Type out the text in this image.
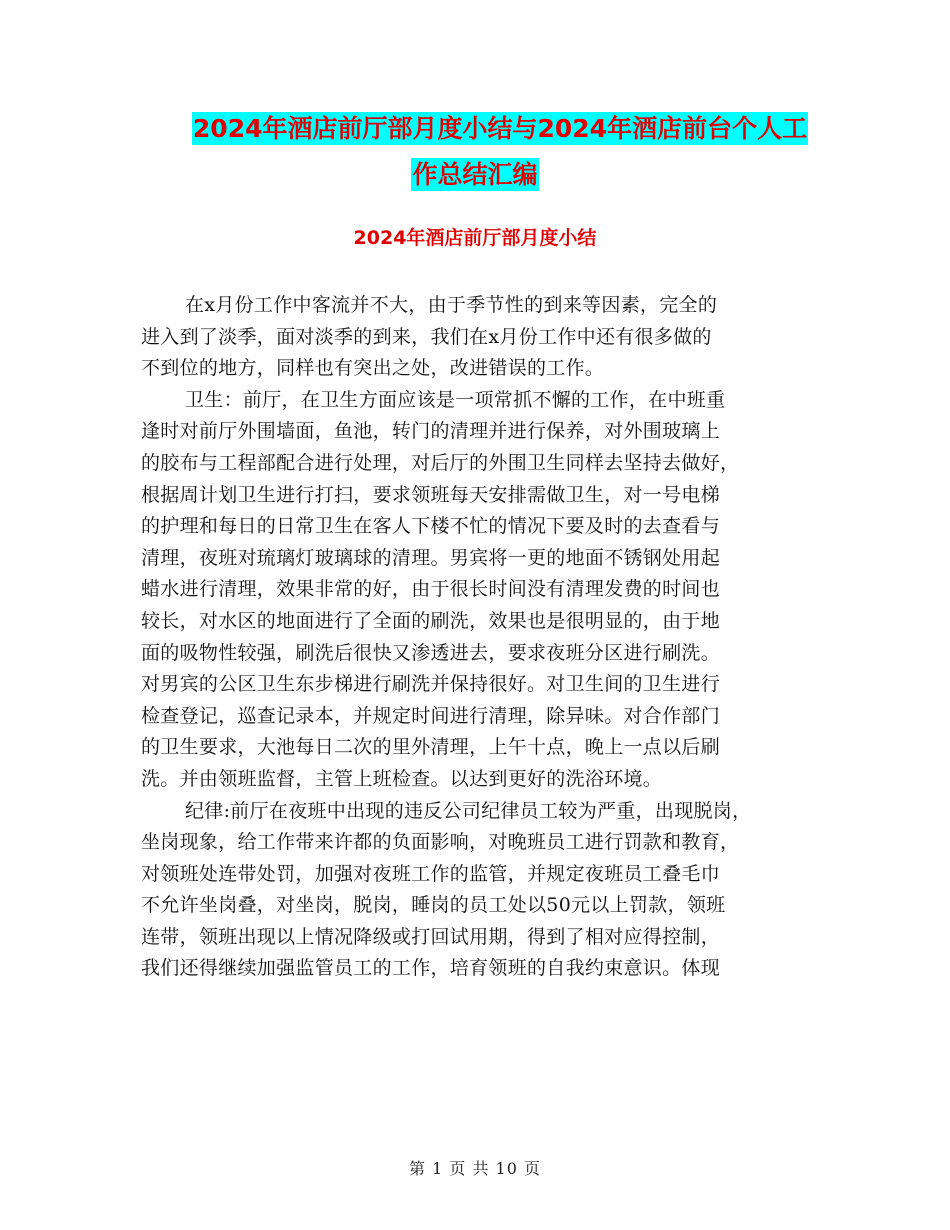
2024年酒店前厅部月度小结与2024年酒店前台个人工
作总结汇编
2024年酒店前厅部月度小结
在x月份工作中客流并不大，由于季节性的到来等因素，完全的
进入到了淡季，面对淡季的到来，我们在x月份工作中还有很多做的
不到位的地方，同样也有突出之处，改进错误的工作。
卫生：前厅，在卫生方面应该是一项常抓不懈的工作，在中班重
逢时对前厅外围墙面，鱼池，转门的清理并进行保养，对外围玻璃上
的胶布与工程部配合进行处理，对后厅的外围卫生同样去坚持去做好，
根据周计划卫生进行打扫，要求领班每天安排需做卫生，对一号电梯
的护理和每日的日常卫生在客人下楼不忙的情况下要及时的去查看与
清理，夜班对琉璃灯玻璃球的清理。男宾将一更的地面不锈钢处用起
蜡水进行清理，效果非常的好，由于很长时间没有清理发费的时间也
较长，对水区的地面进行了全面的刷洗，效果也是很明显的，由于地
面的吸物性较强，刷洗后很快又渗透进去，要求夜班分区进行刷洗。
对男宾的公区卫生东步梯进行刷洗并保持很好。对卫生间的卫生进行
检查登记，巡查记录本，并规定时间进行清理，除异味。对合作部门
的卫生要求，大池每日二次的里外清理，上午十点，晚上一点以后刷
洗。并由领班监督，主管上班检查。以达到更好的洗浴环境。
纪律:前厅在夜班中出现的违反公司纪律员工较为严重，出现脱岗，
坐岗现象，给工作带来许都的负面影响，对晚班员工进行罚款和教育，
对领班处连带处罚，加强对夜班工作的监管，并规定夜班员工叠毛巾
不允许坐岗叠，对坐岗，脱岗，睡岗的员工处以50元以上罚款，领班
连带，领班出现以上情况降级或打回试用期，得到了相对应得控制，
我们还得继续加强监管员工的工作，培育领班的自我约束意识。体现
第 1 页 共 10 页
